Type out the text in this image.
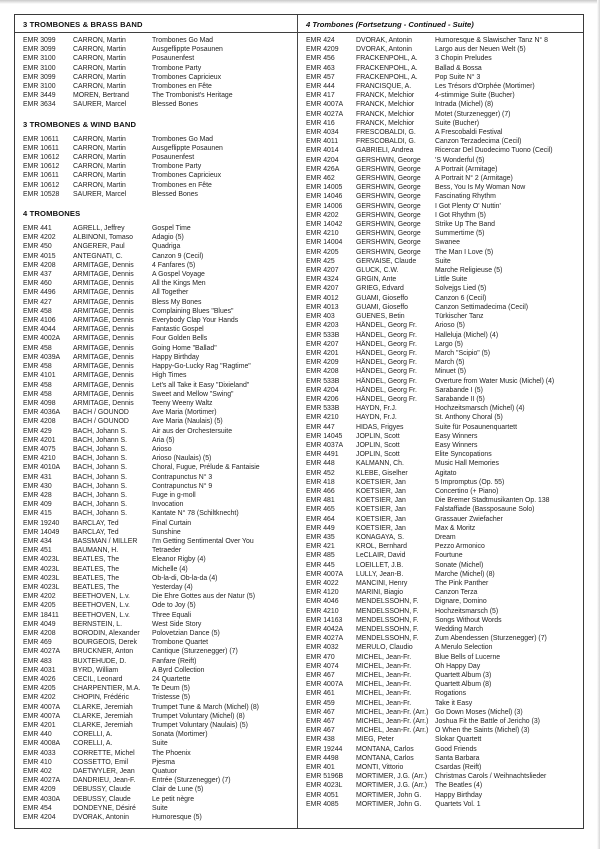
3 TROMBONES & BRASS BAND
EMR 3099	CARRON, Martin	Trombones Go Mad
EMR 3099	CARRON, Martin	Ausgeflippte Posaunen
EMR 3100	CARRON, Martin	Posaunenfest
EMR 3100	CARRON, Martin	Trombone Party
EMR 3099	CARRON, Martin	Trombones Capricieux
EMR 3100	CARRON, Martin	Trombones en Fête
EMR 3449	MOREN, Bertrand	The Trombonist's Heritage
EMR 3634	SAURER, Marcel	Blessed Bones
3 TROMBONES & WIND BAND
EMR 10611	CARRON, Martin	Trombones Go Mad
EMR 10611	CARRON, Martin	Ausgeflippte Posaunen
EMR 10612	CARRON, Martin	Posaunenfest
EMR 10612	CARRON, Martin	Trombone Party
EMR 10611	CARRON, Martin	Trombones Capricieux
EMR 10612	CARRON, Martin	Trombones en Fête
EMR 10528	SAURER, Marcel	Blessed Bones
4 TROMBONES
EMR 441	AGRELL, Jeffrey	Gospel Time
EMR 4202	ALBINONI, Tomaso	Adagio (5)
EMR 450	ANGERER, Paul	Quadriga
EMR 4015	ANTEGNATI, C.	Canzon 9 (Cecil)
EMR 4208	ARMITAGE, Dennis	4 Fanfares (5)
EMR 437	ARMITAGE, Dennis	A Gospel Voyage
EMR 460	ARMITAGE, Dennis	All the Kings Men
EMR 4496	ARMITAGE, Dennis	All Together
EMR 427	ARMITAGE, Dennis	Bless My Bones
EMR 458	ARMITAGE, Dennis	Complaining Blues "Blues"
EMR 4106	ARMITAGE, Dennis	Everybody Clap Your Hands
EMR 4044	ARMITAGE, Dennis	Fantastic Gospel
EMR 4002A	ARMITAGE, Dennis	Four Golden Bells
EMR 458	ARMITAGE, Dennis	Going Home "Ballad"
EMR 4039A	ARMITAGE, Dennis	Happy Birthday
EMR 458	ARMITAGE, Dennis	Happy-Go-Lucky Rag "Ragtime"
EMR 4101	ARMITAGE, Dennis	High Times
EMR 458	ARMITAGE, Dennis	Let's all Take it Easy "Dixieland"
EMR 458	ARMITAGE, Dennis	Sweet and Mellow "Swing"
EMR 4098	ARMITAGE, Dennis	Teeny Weeny Waltz
EMR 4036A	BACH / GOUNOD	Ave Maria (Mortimer)
EMR 4208	BACH / GOUNOD	Ave Maria (Naulais) (5)
EMR 429	BACH, Johann S.	Air aus der Orchestersuite
EMR 4201	BACH, Johann S.	Aria (5)
EMR 4075	BACH, Johann S.	Arioso
EMR 4210	BACH, Johann S.	Arioso (Naulais) (5)
EMR 4010A	BACH, Johann S.	Choral, Fugue, Prélude & Fantaisie
EMR 431	BACH, Johann S.	Contrapunctus N° 3
EMR 430	BACH, Johann S.	Contrapunctus N° 9
EMR 428	BACH, Johann S.	Fuge in g-moll
EMR 409	BACH, Johann S.	Invocation
EMR 415	BACH, Johann S.	Kantate N° 78 (Schiltknecht)
EMR 19240	BARCLAY, Ted	Final Curtain
EMR 14049	BARCLAY, Ted	Sunshine
EMR 434	BASSMAN / MILLER	I'm Getting Sentimental Over You
EMR 451	BAUMANN, H.	Tetraeder
EMR 4023L	BEATLES, The	Eleanor Rigby (4)
EMR 4023L	BEATLES, The	Michelle (4)
EMR 4023L	BEATLES, The	Ob-la-di, Ob-la-da (4)
EMR 4023L	BEATLES, The	Yesterday (4)
EMR 4202	BEETHOVEN, L.v.	Die Ehre Gottes aus der Natur (5)
EMR 4205	BEETHOVEN, L.v.	Ode to Joy (5)
EMR 18411	BEETHOVEN, L.v.	Three Equali
EMR 4049	BERNSTEIN, L.	West Side Story
EMR 4208	BORODIN, Alexander	Polovetzian Dance (5)
EMR 469	BOURGEOIS, Derek	Trombone Quartet
EMR 4027A	BRUCKNER, Anton	Cantique (Sturzenegger) (7)
EMR 483	BUXTEHUDE, D.	Fanfare (Reift)
EMR 4031	BYRD, William	A Byrd Collection
EMR 4026	CECIL, Leonard	24 Quartette
EMR 4205	CHARPENTIER, M.A.	Te Deum (5)
EMR 4202	CHOPIN, Frédéric	Tristesse (5)
EMR 4007A	CLARKE, Jeremiah	Trumpet Tune & March (Michel) (8)
EMR 4007A	CLARKE, Jeremiah	Trumpet Voluntary (Michel) (8)
EMR 4201	CLARKE, Jeremiah	Trumpet Voluntary (Naulais) (5)
EMR 440	CORELLI, A.	Sonata (Mortimer)
EMR 4008A	CORELLI, A.	Suite
EMR 4033	CORRETTE, Michel	The Phoenix
EMR 410	COSSETTO, Emil	Pjesma
EMR 402	DAETWYLER, Jean	Quatuor
EMR 4027A	DANDRIEU, Jean-F.	Entrée (Sturzenegger) (7)
EMR 4209	DEBUSSY, Claude	Clair de Lune (5)
EMR 4030A	DEBUSSY, Claude	Le petit nègre
EMR 454	DONDEYNE, Désiré	Suite
EMR 4204	DVORAK, Antonin	Humoresque (5)
4 Trombones (Fortsetzung - Continued - Suite)
EMR 424	DVORAK, Antonin	Humoresque & Slawischer Tanz N° 8
EMR 4209	DVORAK, Antonin	Largo aus der Neuen Welt (5)
EMR 456	FRACKENPOHL, A.	3 Chopin Preludes
EMR 463	FRACKENPOHL, A.	Ballad & Bossa
EMR 457	FRACKENPOHL, A.	Pop Suite N° 3
EMR 444	FRANCISQUE, A.	Les Trésors d'Orphée (Mortimer)
EMR 417	FRANCK, Melchior	4-stimmige Suite (Bucher)
EMR 4007A	FRANCK, Melchior	Intrada (Michel) (8)
EMR 4027A	FRANCK, Melchior	Motet (Sturzenegger) (7)
EMR 416	FRANCK, Melchior	Suite (Bucher)
EMR 4034	FRESCOBALDI, G.	A Frescobaldi Festival
EMR 4011	FRESCOBALDI, G.	Canzon Terzadecima (Cecil)
EMR 4014	GABRIELI, Andrea	Ricercar Del Duodecimo Tuono (Cecil)
EMR 4204	GERSHWIN, George	'S Wonderful (5)
EMR 426A	GERSHWIN, George	A Portrait (Armitage)
EMR 462	GERSHWIN, George	A Portrait N° 2 (Armitage)
EMR 14005	GERSHWIN, George	Bess, You Is My Woman Now
EMR 14046	GERSHWIN, George	Fascinating Rhythm
EMR 14006	GERSHWIN, George	I Got Plenty O' Nuttin'
EMR 4202	GERSHWIN, George	I Got Rhythm (5)
EMR 14042	GERSHWIN, George	Strike Up The Band
EMR 4210	GERSHWIN, George	Summertime (5)
EMR 14004	GERSHWIN, George	Swanee
EMR 4205	GERSHWIN, George	The Man I Love (5)
EMR 425	GERVAISE, Claude	Suite
EMR 4207	GLUCK, C.W.	Marche Religieuse (5)
EMR 4324	GRGIN, Ante	Little Suite
EMR 4207	GRIEG, Edvard	Solvejgs Lied (5)
EMR 4012	GUAMI, Gioseffo	Canzon 6 (Cecil)
EMR 4013	GUAMI, Gioseffo	Canzon Settimadecima (Cecil)
EMR 403	GUENES, Betin	Türkischer Tanz
EMR 4203	HÄNDEL, Georg Fr.	Arioso (5)
EMR 533B	HÄNDEL, Georg Fr.	Halleluja (Michel) (4)
EMR 4207	HÄNDEL, Georg Fr.	Largo (5)
EMR 4201	HÄNDEL, Georg Fr.	March "Scipio" (5)
EMR 4209	HÄNDEL, Georg Fr.	March (5)
EMR 4208	HÄNDEL, Georg Fr.	Minuet (5)
EMR 533B	HÄNDEL, Georg Fr.	Overture from Water Music (Michel) (4)
EMR 4204	HÄNDEL, Georg Fr.	Sarabande I (5)
EMR 4206	HÄNDEL, Georg Fr.	Sarabande II (5)
EMR 533B	HAYDN, Fr.J.	Hochzeitsmarsch (Michel) (4)
EMR 4210	HAYDN, Fr.J.	St. Anthony Choral (5)
EMR 447	HIDAS, Frigyes	Suite für Posaunenquartett
EMR 14045	JOPLIN, Scott	Easy Winners
EMR 4037A	JOPLIN, Scott	Easy Winners
EMR 4491	JOPLIN, Scott	Elite Syncopations
EMR 448	KALMANN, Ch.	Music Hall Memories
EMR 452	KLEBE, Giselher	Agitato
EMR 418	KOETSIER, Jan	5 Impromptus (Op. 55)
EMR 466	KOETSIER, Jan	Concertino (+ Piano)
EMR 481	KOETSIER, Jan	Die Bremer Stadtmusikanten Op. 138
EMR 465	KOETSIER, Jan	Falstaffiade (Bassposaune Solo)
EMR 464	KOETSIER, Jan	Grassauer Zwiefacher
EMR 449	KOETSIER, Jan	Max & Moritz
EMR 435	KONAGAYA, S.	Dream
EMR 421	KROL, Bernhard	Pezzo Armonico
EMR 485	LeCLAIR, David	Fourtune
EMR 445	LOEILLET, J.B.	Sonate (Michel)
EMR 4007A	LULLY, Jean-B.	Marche (Michel) (8)
EMR 4022	MANCINI, Henry	The Pink Panther
EMR 4120	MARINI, Biagio	Canzon Terza
EMR 4046	MENDELSSOHN, F.	Dignare, Domino
EMR 4210	MENDELSSOHN, F.	Hochzeitsmarsch (5)
EMR 14163	MENDELSSOHN, F.	Songs Without Words
EMR 4042A	MENDELSSOHN, F.	Wedding March
EMR 4027A	MENDELSSOHN, F.	Zum Abendessen (Sturzenegger) (7)
EMR 4032	MERULO, Claudio	A Merulo Selection
EMR 470	MICHEL, Jean-Fr.	Blue Bells of Lucerne
EMR 4074	MICHEL, Jean-Fr.	Oh Happy Day
EMR 467	MICHEL, Jean-Fr.	Quartett Album (3)
EMR 4007A	MICHEL, Jean-Fr.	Quartett Album (8)
EMR 461	MICHEL, Jean-Fr.	Rogations
EMR 459	MICHEL, Jean-Fr.	Take it Easy
EMR 467	MICHEL, Jean-Fr. (Arr.) Go Down Moses (Michel) (3)
EMR 467	MICHEL, Jean-Fr. (Arr.) Joshua Fit the Battle of Jericho (3)
EMR 467	MICHEL, Jean-Fr. (Arr.) O When the Saints (Michel) (3)
EMR 438	MIEG, Peter	Slokar Quartett
EMR 19244	MONTANA, Carlos	Good Friends
EMR 4498	MONTANA, Carlos	Santa Barbara
EMR 401	MONTI, Vittorio	Csardas (Reift)
EMR 5196B	MORTIMER, J.G. (Arr.)	Christmas Carols / Weihnachtslieder
EMR 4023L	MORTIMER, J.G. (Arr.)	The Beatles (4)
EMR 4051	MORTIMER, John G.	Happy Birthday
EMR 4085	MORTIMER, John G.	Quartets Vol. 1
